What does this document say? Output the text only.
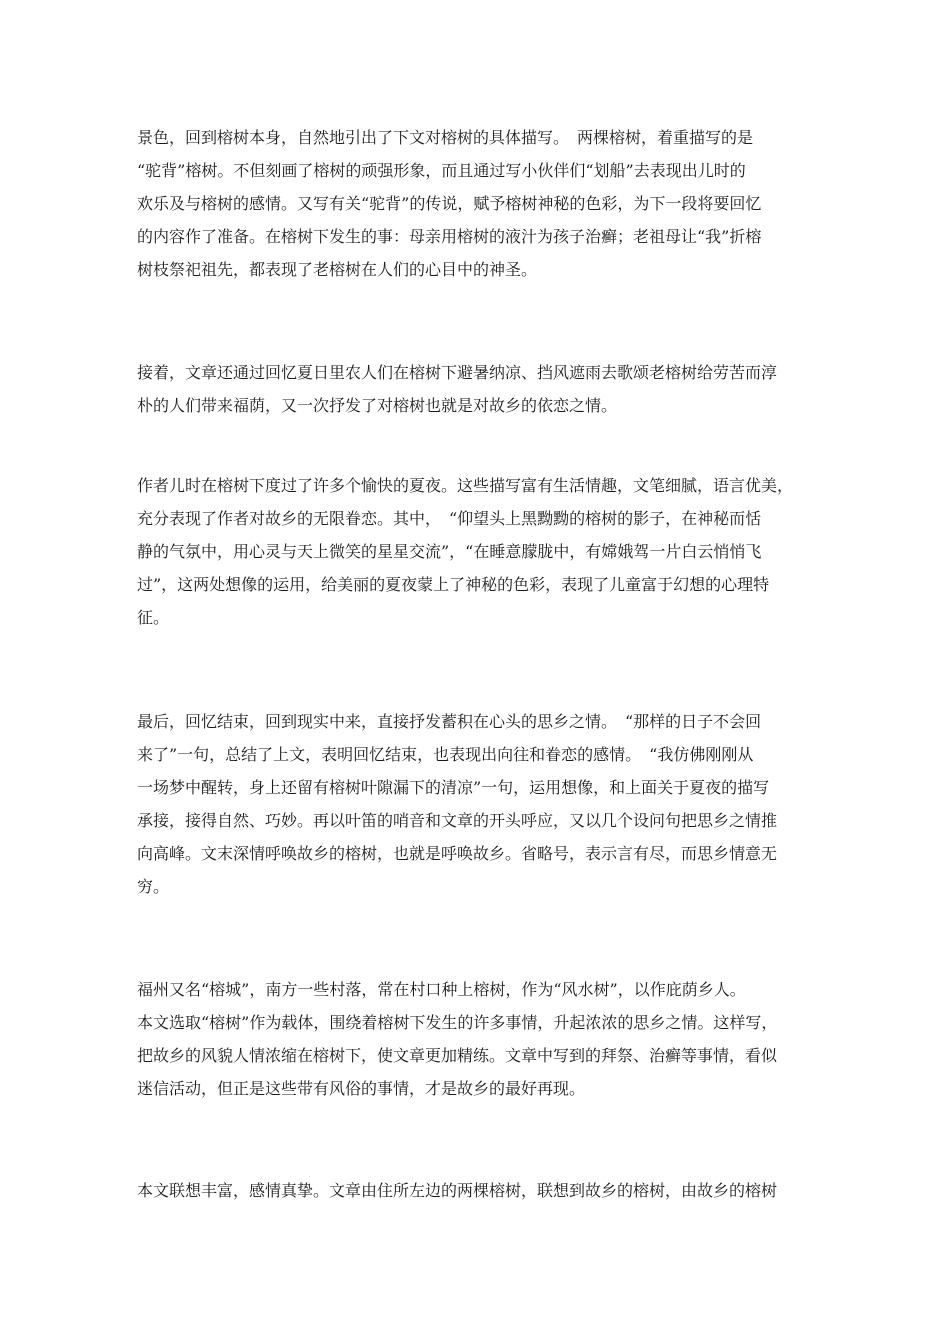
景色，回到榕树本身，自然地引出了下文对榕树的具体描写。　两棵榕树，着重描写的是
“驼背”榕树。不但刻画了榕树的顽强形象，而且通过写小伙伴们“划船”去表现出儿时的
欢乐及与榕树的感情。又写有关“驼背”的传说，赋予榕树神秘的色彩，为下一段将要回忆
的内容作了准备。在榕树下发生的事：母亲用榕树的液汁为孩子治癣；老祖母让“我”折榕
树枝祭祀祖先，都表现了老榕树在人们的心目中的神圣。
接着，文章还通过回忆夏日里农人们在榕树下避暑纳凉、挡风遮雨去歌颂老榕树给劳苦而淳
朴的人们带来福荫，又一次抒发了对榕树也就是对故乡的依恋之情。
作者儿时在榕树下度过了许多个愉快的夏夜。这些描写富有生活情趣，文笔细腻，语言优美，
充分表现了作者对故乡的无限眷恋。其中，　“仰望头上黑黝黝的榕树的影子，在神秘而恬
静的气氛中，用心灵与天上微笑的星星交流”，“在睡意朦胧中，有嫦娥驾一片白云悄悄飞
过”，这两处想像的运用，给美丽的夏夜蒙上了神秘的色彩，表现了儿童富于幻想的心理特
征。
最后，回忆结束，回到现实中来，直接抒发蓄积在心头的思乡之情。　“那样的日子不会回
来了”一句，总结了上文，表明回忆结束，也表现出向往和眷恋的感情。　“我仿佛刚刚从
一场梦中醒转，身上还留有榕树叶隙漏下的清凉”一句，运用想像，和上面关于夏夜的描写
承接，接得自然、巧妙。再以叶笛的哨音和文章的开头呼应，又以几个设问句把思乡之情推
向高峰。文末深情呼唤故乡的榕树，也就是呼唤故乡。省略号，表示言有尽，而思乡情意无
穷。
福州又名“榕城”，南方一些村落，常在村口种上榕树，作为“风水树”，以作庇荫乡人。
本文选取“榕树”作为载体，围绕着榕树下发生的许多事情，升起浓浓的思乡之情。这样写，
把故乡的风貌人情浓缩在榕树下，使文章更加精练。文章中写到的拜祭、治癣等事情，看似
迷信活动，但正是这些带有风俗的事情，才是故乡的最好再现。
本文联想丰富，感情真挚。文章由住所左边的两棵榕树，联想到故乡的榕树，由故乡的榕树
